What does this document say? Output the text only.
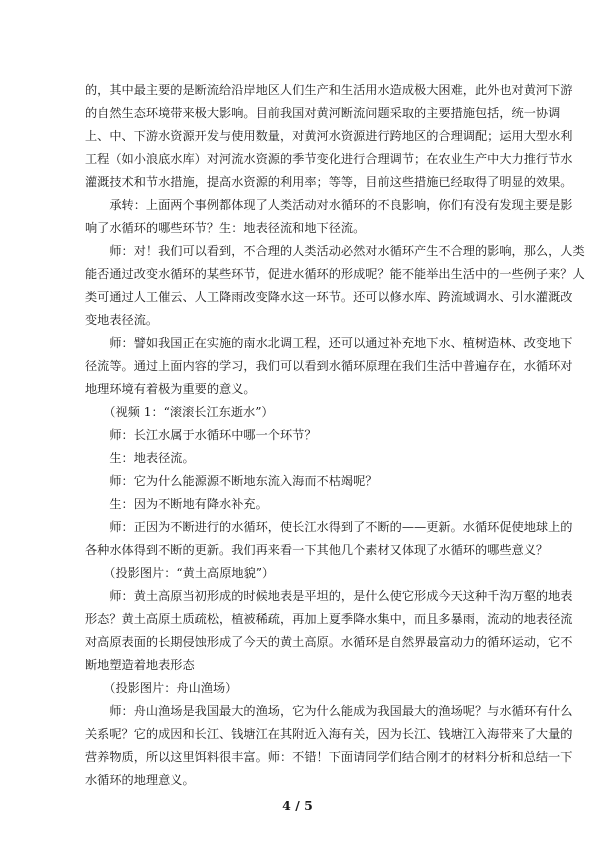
的，其中最主要的是断流给沿岸地区人们生产和生活用水造成极大困难，此外也对黄河下游
的自然生态环境带来极大影响。目前我国对黄河断流问题采取的主要措施包括，统一协调
上、中、下游水资源开发与使用数量，对黄河水资源进行跨地区的合理调配；运用大型水利
工程（如小浪底水库）对河流水资源的季节变化进行合理调节；在农业生产中大力推行节水
灌溉技术和节水措施，提高水资源的利用率；等等，目前这些措施已经取得了明显的效果。
　　承转：上面两个事例都体现了人类活动对水循环的不良影响，你们有没有发现主要是影
响了水循环的哪些环节？生：地表径流和地下径流。
　　师：对！我们可以看到，不合理的人类活动必然对水循环产生不合理的影响，那么，人类
能否通过改变水循环的某些环节，促进水循环的形成呢？能不能举出生活中的一些例子来？人
类可通过人工催云、人工降雨改变降水这一环节。还可以修水库、跨流域调水、引水灌溉改
变地表径流。
　　师：譬如我国正在实施的南水北调工程，还可以通过补充地下水、植树造林、改变地下
径流等。通过上面内容的学习，我们可以看到水循环原理在我们生活中普遍存在，水循环对
地理环境有着极为重要的意义。
　　（视频 1：“滚滚长江东逝水”）
　　师：长江水属于水循环中哪一个环节？
　　生：地表径流。
　　师：它为什么能源源不断地东流入海而不枯竭呢？
　　生：因为不断地有降水补充。
　　师：正因为不断进行的水循环，使长江水得到了不断的——更新。水循环促使地球上的
各种水体得到不断的更新。我们再来看一下其他几个素材又体现了水循环的哪些意义？
　　（投影图片：“黄土高原地貌”）
　　师：黄土高原当初形成的时候地表是平坦的，是什么使它形成今天这种千沟万壑的地表
形态？黄土高原土质疏松，植被稀疏，再加上夏季降水集中，而且多暴雨，流动的地表径流
对高原表面的长期侵蚀形成了今天的黄土高原。水循环是自然界最富动力的循环运动，它不
断地塑造着地表形态
　　（投影图片：舟山渔场）
　　师：舟山渔场是我国最大的渔场，它为什么能成为我国最大的渔场呢？与水循环有什么
关系呢？它的成因和长江、钱塘江在其附近入海有关，因为长江、钱塘江入海带来了大量的
营养物质，所以这里饵料很丰富。师：不错！下面请同学们结合刚才的材料分析和总结一下
水循环的地理意义。
4 / 5
